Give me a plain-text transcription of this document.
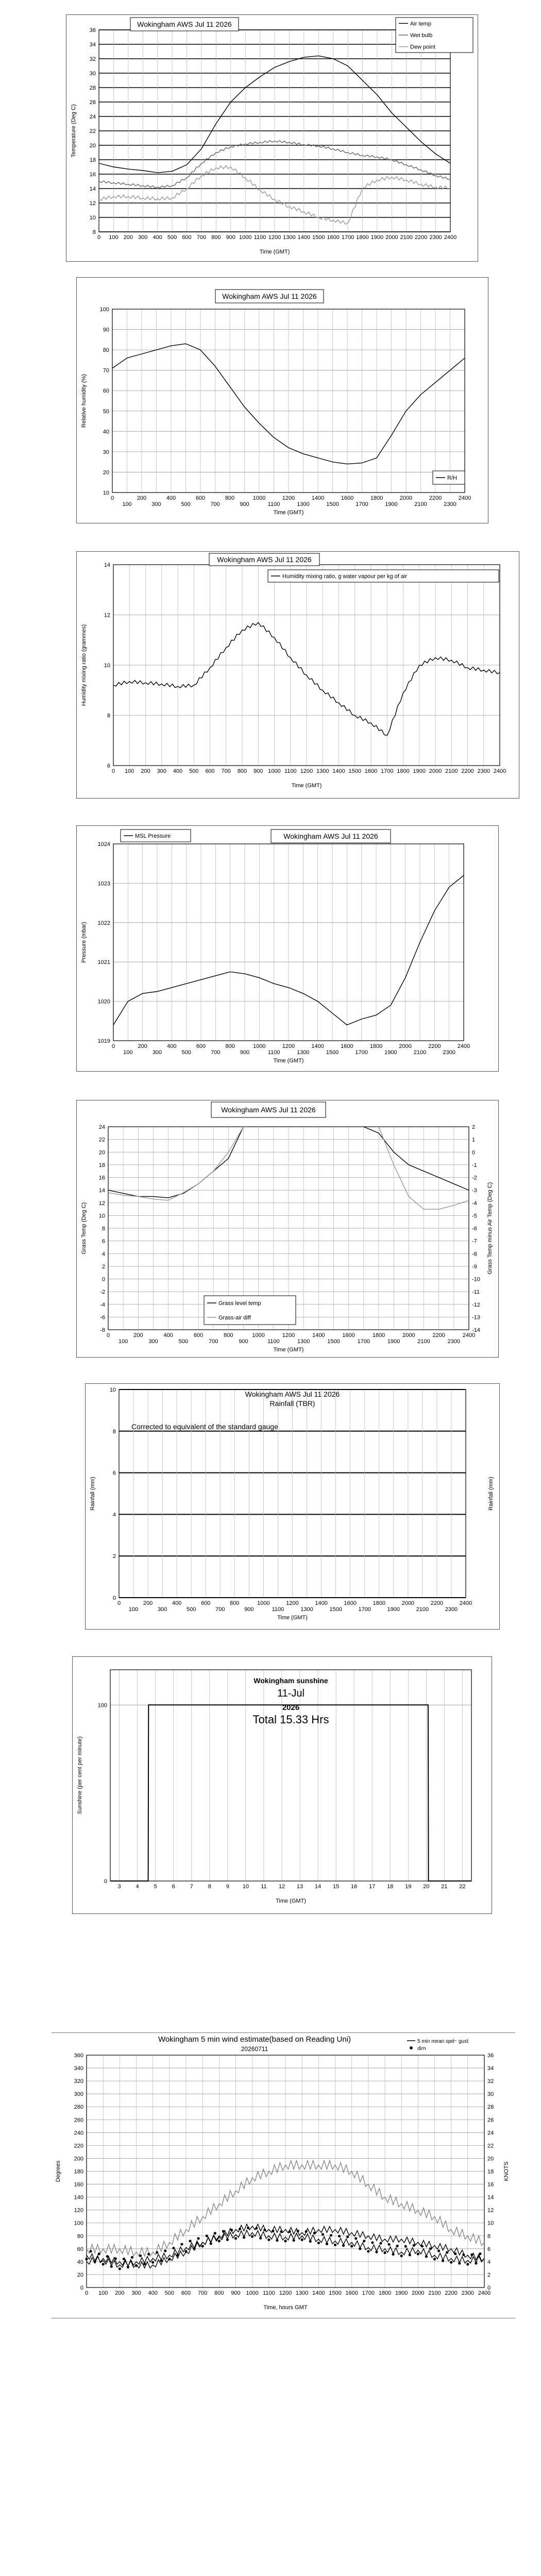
8
10
12
14
16
18
20
22
24
26
28
30
32
34
36
0 100 200 300 400 500 600 700 800 900 1000 1100 1200 1300 1400 1500 1600 1700 1800 1900 2000 2100 2200 2300 2400
Time (GMT)
Temperature (Deg C)
Wokingham AWS Jul 11 2026	Air temp
Wet bulb
Dew point
10
20
30
40
50
60
70
80
90
100
0
100
200
300
400
500
600
700
800
900
1000
1100
1200
1300
1400
1500
1600
1700
1800
1900
2000
2100
2200
2300
2400
Time (GMT)
Relative humidity (%)
Wokingham AWS Jul 11 2026
R/H
6
8
10
12
14
0 100 200 300 400 500 600 700 800 900 1000 1100 1200 1300 1400 1500 1600 1700 1800 1900 2000 2100 2200 2300 2400
Time (GMT)
Humidity mixing ratio (grammes)
Wokingham AWS Jul 11 2026
Humidity mixing ratio, g water vapour per kg of air
1019
1020
1021
1022
1023
1024
0
100
200
300
400
500
600
700
800
900
1000
1100
1200
1300
1400
1500
1600
1700
1800
1900
2000
2100
2200
2300
2400
Time (GMT)
Pressure (mbar)
Wokingham AWS Jul 11 2026
MSL Pressure
-8
-6
-4
-2
0
2
4
6
8
10
12
14
16
18
20
22
24
0
100
200
300
400
500
600
700
800
900
1000
1100
1200
1300
1400
1500
1600
1700
1800
1900
2000
2100
2200
2300
2400
-14
-13
-12
-11
-10
-9
-8
-7
-6
-5
-4
-3
-2
-1
0
1
2
Time (GMT)
Grass Temp (Deg C)	Grass Temp minus Air Temp (Deg C)
Wokingham AWS Jul 11 2026
Grass level temp
Grass-air diff
0
2
4
6
8
10
0
100
200
300
400
500
600
700
800
900
1000
1100
1200
1300
1400
1500
1600
1700
1800
1900
2000
2100
2200
2300
2400
Time (GMT)
Rainfall (mm)	Rainfall (mm)
Wokingham AWS Jul 11 2026
Rainfall (TBR)
Corrected to equivalent of the standard gauge
0
100
3	4	5	6	7	8	9 10 11 12 13 14 15 16 17 18 19 20 21 22
Time (GMT)
Sunshine (per cent per minute)
Wokingham sunshine
11-Jul
2026
Total 15.33 Hrs
0
20
40
60
80
100
120
140
160
180
200
220
240
260
280
300
320
340
360
0 100 200 300 400 500 600 700 800 900 1000 1100 1200 1300 1400 1500 1600 1700 1800 1900 2000 2100 2200 2300 2400
0
2
4
6
8
10
12
14
16
18
20
22
24
26
28
30
32
34
36
Time, hours GMT
Degrees	KNOTS
Wokingham 5 min wind estimate(based on Reading Uni)
20260711
5 min mean spd gust
dirn
